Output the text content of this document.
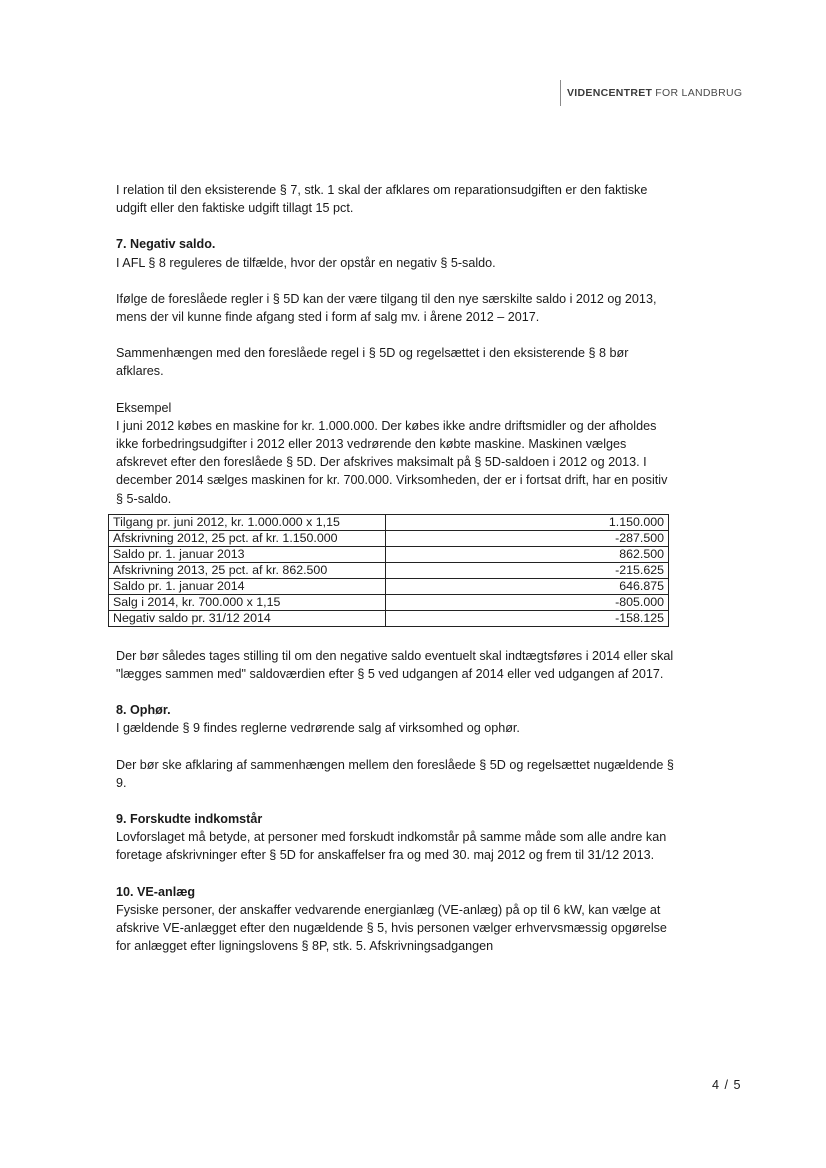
VIDENCENTRET FOR LANDBRUG

I relation til den eksisterende § 7, stk. 1 skal der afklares om reparationsudgiften er den faktiske udgift eller den faktiske udgift tillagt 15 pct.

7. Negativ saldo.

I AFL § 8 reguleres de tilfælde, hvor der opstår en negativ § 5-saldo.

Ifølge de foreslåede regler i § 5D kan der være tilgang til den nye særskilte saldo i 2012 og 2013, mens der vil kunne finde afgang sted i form af salg mv. i årene 2012 – 2017.

Sammenhængen med den foreslåede regel i § 5D og regelsættet i den eksisterende § 8 bør afklares.

Eksempel

I juni 2012 købes en maskine for kr. 1.000.000. Der købes ikke andre driftsmidler og der afholdes ikke forbedringsudgifter i 2012 eller 2013 vedrørende den købte maskine. Maskinen vælges afskrevet efter den foreslåede § 5D. Der afskrives maksimalt på § 5D-saldoen i 2012 og 2013. I december 2014 sælges maskinen for kr. 700.000. Virksomheden, der er i fortsat drift, har en positiv § 5-saldo.

Tilgang pr. juni 2012, kr. 1.000.000 x 1,15	1.150.000
Afskrivning 2012, 25 pct. af kr. 1.150.000	-287.500
Saldo pr. 1. januar 2013	862.500
Afskrivning 2013, 25 pct. af kr. 862.500	-215.625
Saldo pr. 1. januar 2014	646.875
Salg i 2014, kr. 700.000 x 1,15	-805.000
Negativ saldo pr. 31/12 2014	-158.125

Der bør således tages stilling til om den negative saldo eventuelt skal indtægtsføres i 2014 eller skal "lægges sammen med" saldoværdien efter § 5 ved udgangen af 2014 eller ved udgangen af 2017.

8. Ophør.

I gældende § 9 findes reglerne vedrørende salg af virksomhed og ophør.

Der bør ske afklaring af sammenhængen mellem den foreslåede § 5D og regelsættet nugældende § 9.

9. Forskudte indkomstår

Lovforslaget må betyde, at personer med forskudt indkomstår på samme måde som alle andre kan foretage afskrivninger efter § 5D for anskaffelser fra og med 30. maj 2012 og frem til 31/12 2013.

10. VE-anlæg

Fysiske personer, der anskaffer vedvarende energianlæg (VE-anlæg) på op til 6 kW, kan vælge at afskrive VE-anlægget efter den nugældende § 5, hvis personen vælger erhvervsmæssig opgørelse for anlægget efter ligningslovens § 8P, stk. 5. Afskrivningsadgangen

4 / 5
